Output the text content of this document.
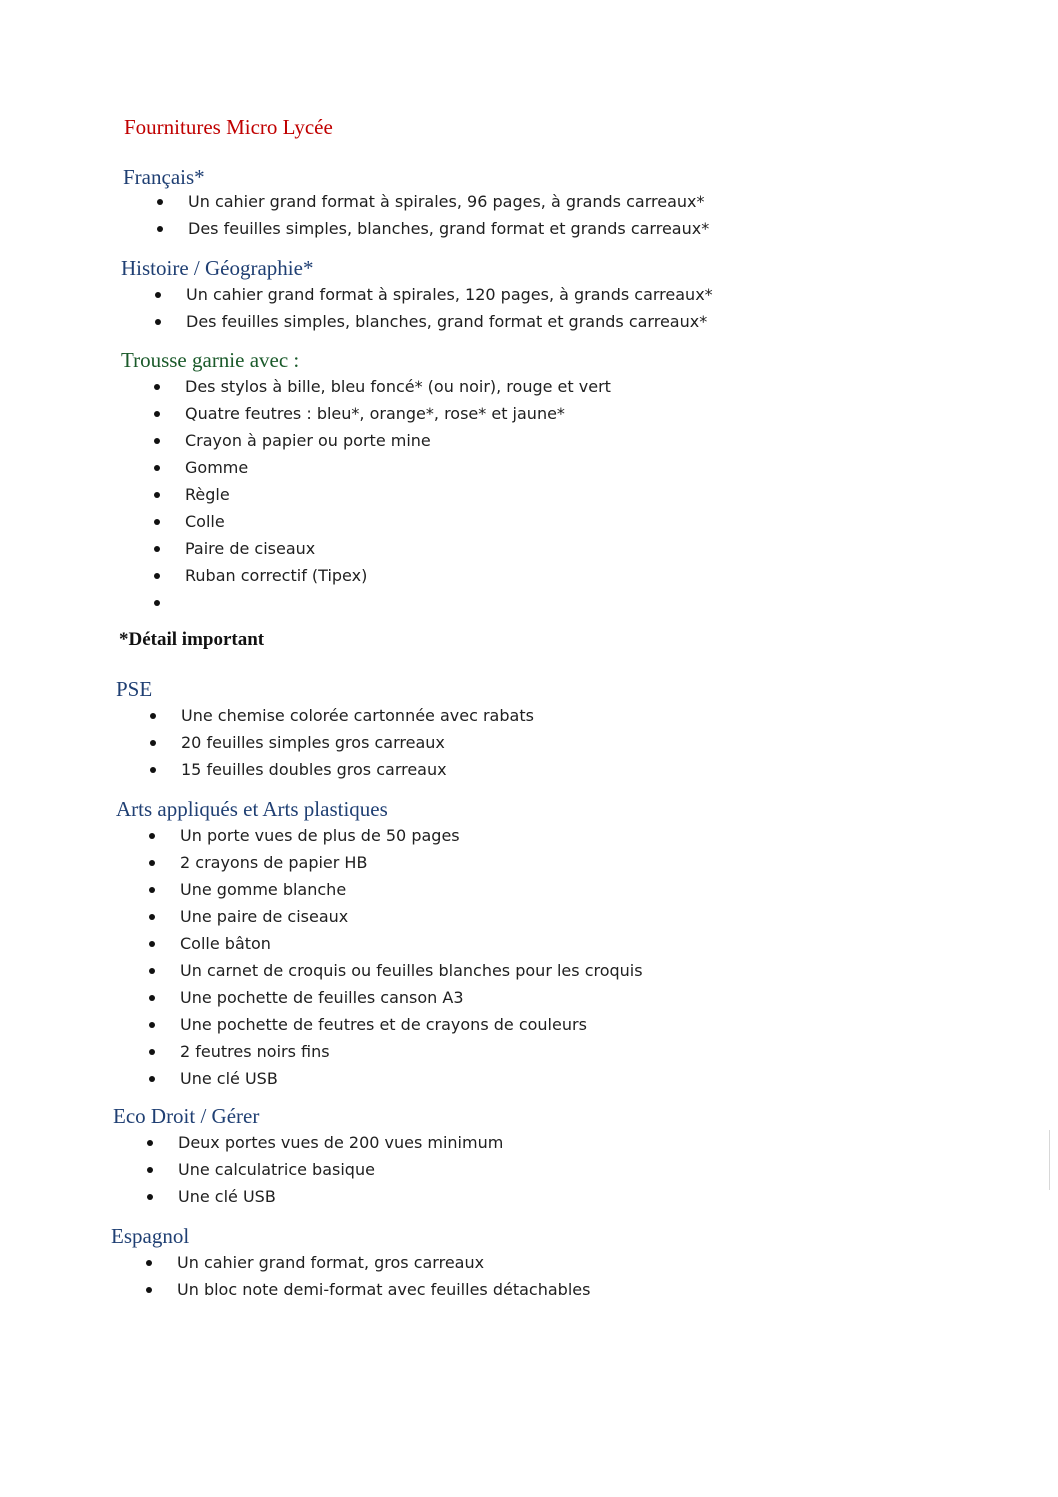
Fournitures Micro Lycée
Français*
Un cahier grand format à spirales, 96 pages, à grands carreaux*
Des feuilles simples, blanches, grand format et grands carreaux*
Histoire / Géographie*
Un cahier grand format à spirales, 120 pages, à grands carreaux*
Des feuilles simples, blanches, grand format et grands carreaux*
Trousse garnie avec :
Des stylos à bille, bleu foncé* (ou noir), rouge et vert
Quatre feutres : bleu*, orange*, rose* et jaune*
Crayon à papier ou porte mine
Gomme
Règle
Colle
Paire de ciseaux
Ruban correctif (Tipex)
*Détail important
PSE
Une chemise colorée cartonnée avec rabats
20 feuilles simples gros carreaux
15 feuilles doubles gros carreaux
Arts appliqués et Arts plastiques
Un porte vues de plus de 50 pages
2 crayons de papier HB
Une gomme blanche
Une paire de ciseaux
Colle bâton
Un carnet de croquis ou feuilles blanches pour les croquis
Une pochette de feuilles canson A3
Une pochette de feutres et de crayons de couleurs
2 feutres noirs fins
Une clé USB
Eco Droit / Gérer
Deux portes vues de 200 vues minimum
Une calculatrice basique
Une clé USB
Espagnol
Un cahier grand format, gros carreaux
Un bloc note demi-format avec feuilles détachables
